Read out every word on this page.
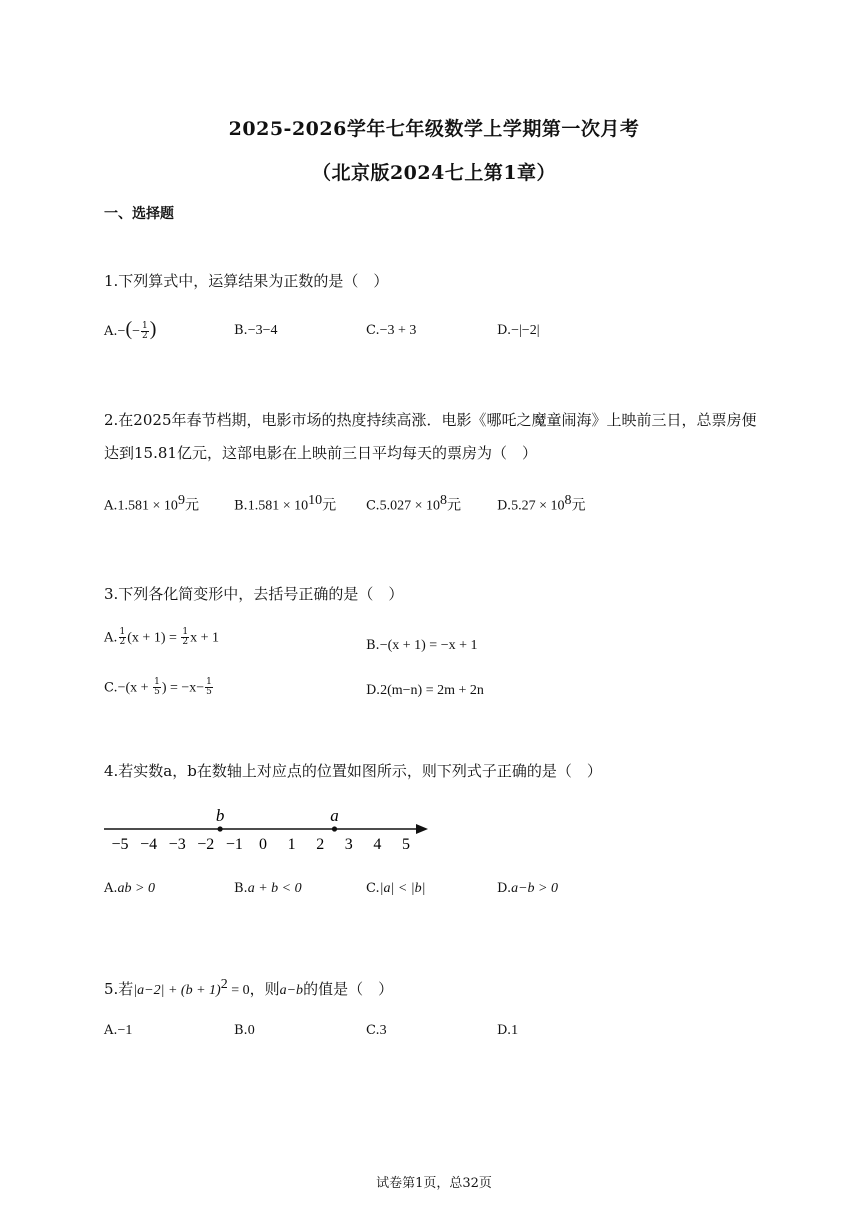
2025-2026学年七年级数学上学期第一次月考
（北京版2024七上第1章）
一、选择题
1.下列算式中，运算结果为正数的是（　）
$A.-(- \frac{1}{2}$ )	B.−3−4	C.−3 + 3	D.−|−2|
2.在2025年春节档期，电影市场的热度持续高涨．电影《哪吒之魔童闹海》上映前三日，总票房便
达到15.81亿元，这部电影在上映前三日平均每天的票房为（　）
$A.1.581 \times 10^9$元	$B.1.581 \times 10^{10}$元 $C.5.027 \times 10^8$元	$D.5.27 \times 10^8$元
3.下列各化简变形中，去括号正确的是（　）
A. $\frac{1}{2} (x + 1) = \frac{1}{2}$ x + 1	B.−(x + 1) = −x + 1
$C.-(x + \frac{1}{5}$ ) = $-x- \frac{1}{5}$	D.2(m−n) = 2m + 2n
4.若实数a，b在数轴上对应点的位置如图所示，则下列式子正确的是（　）
−5 −4 −3 −2 −1 0 1 2 3 4 5
b	a
A.ab > 0	B.a + b < 0	C.|a| < |b|	D.a−b > 0
5.若$|a-2| + (b + 1)^2 = 0$，则a−b的值是（　）
A.−1	B.0	C.3	D.1
试卷第1页，总32页
